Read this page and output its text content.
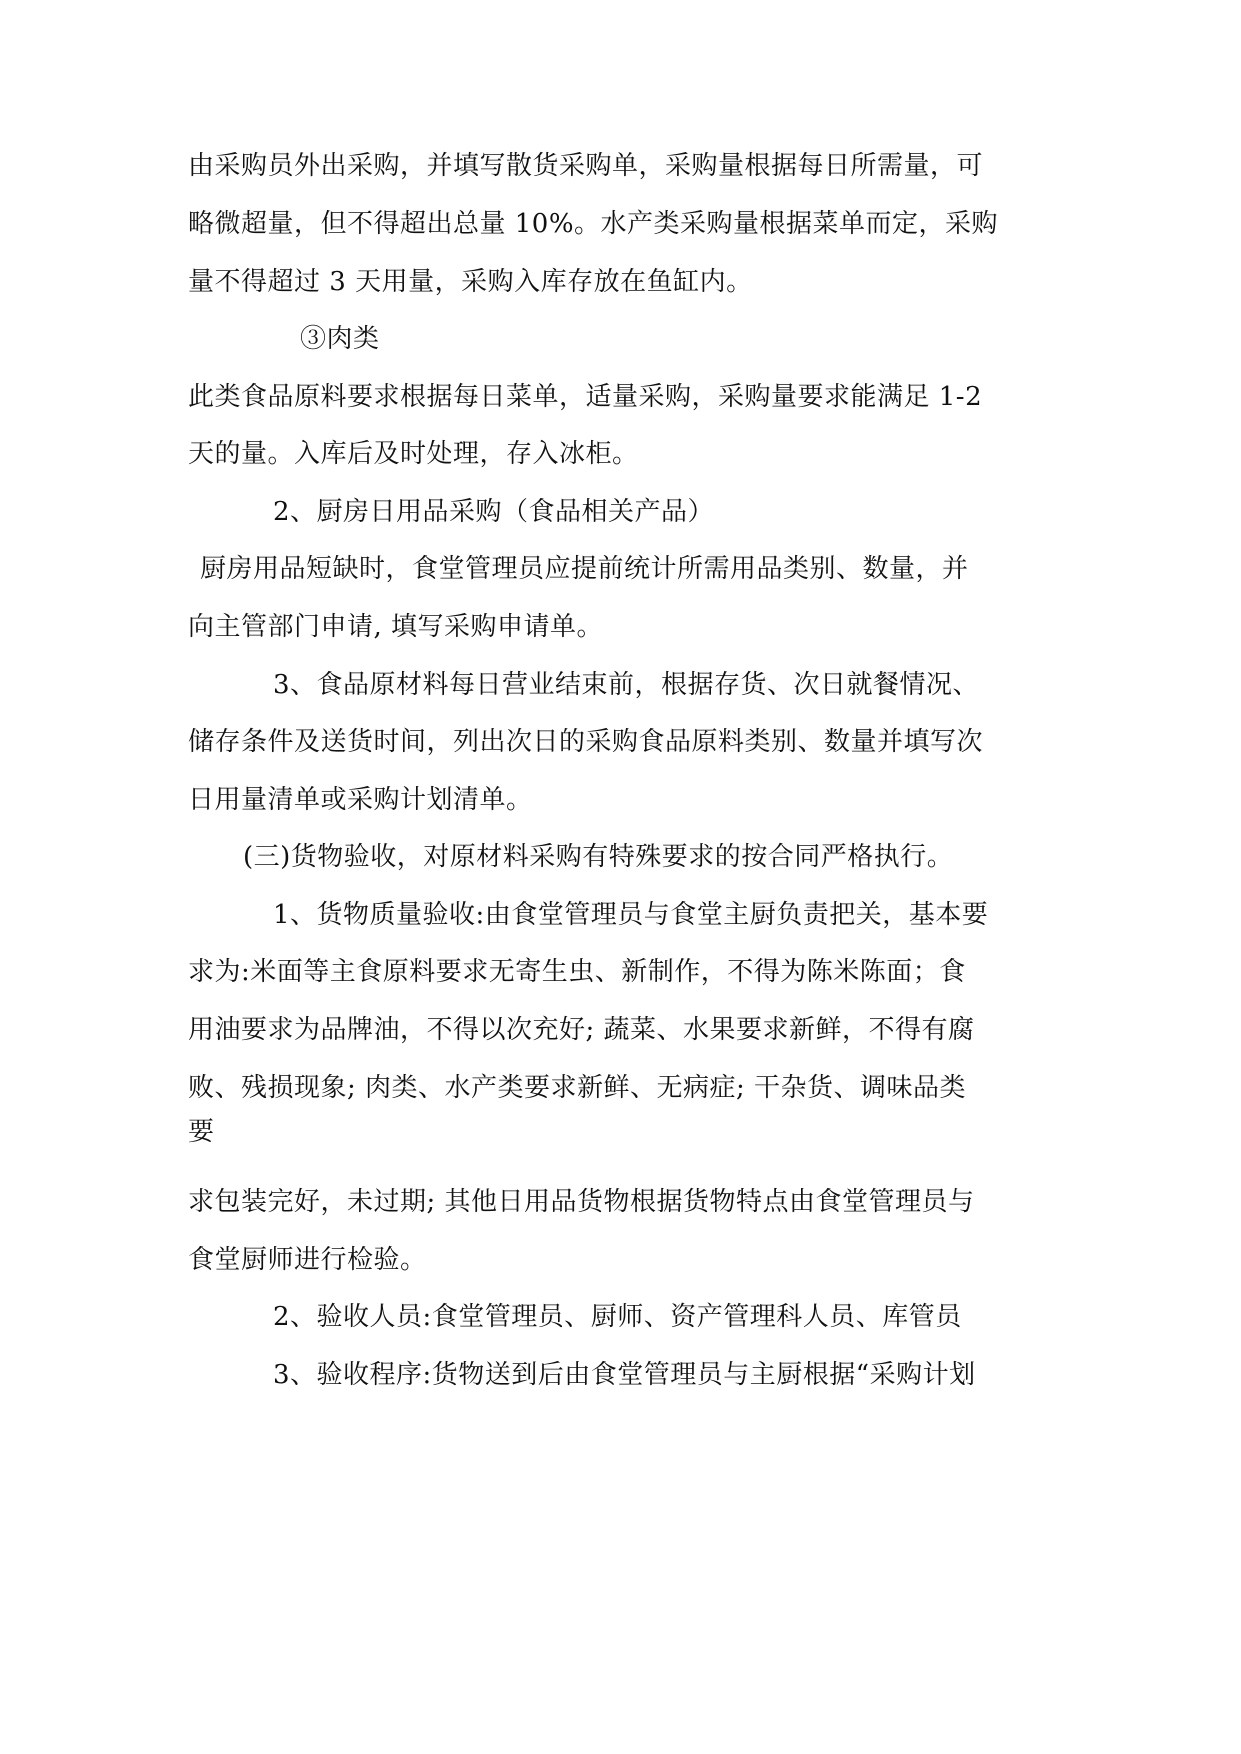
由采购员外出采购，并填写散货采购单，采购量根据每日所需量，可
略微超量，但不得超出总量 10%。水产类采购量根据菜单而定，采购
量不得超过 3 天用量，采购入库存放在鱼缸内。
③肉类
此类食品原料要求根据每日菜单，适量采购，采购量要求能满足 1-2
天的量。入库后及时处理，存入冰柜。
2、厨房日用品采购（食品相关产品）
厨房用品短缺时，食堂管理员应提前统计所需用品类别、数量，并
向主管部门申请, 填写采购申请单。
3、食品原材料每日营业结束前，根据存货、次日就餐情况、
储存条件及送货时间，列出次日的采购食品原料类别、数量并填写次
日用量清单或采购计划清单。
(三)货物验收，对原材料采购有特殊要求的按合同严格执行。
1、货物质量验收:由食堂管理员与食堂主厨负责把关，基本要
求为:米面等主食原料要求无寄生虫、新制作，不得为陈米陈面；食
用油要求为品牌油，不得以次充好; 蔬菜、水果要求新鲜，不得有腐
败、残损现象; 肉类、水产类要求新鲜、无病症; 干杂货、调味品类
要
求包装完好，未过期; 其他日用品货物根据货物特点由食堂管理员与
食堂厨师进行检验。
2、验收人员:食堂管理员、厨师、资产管理科人员、库管员
3、验收程序:货物送到后由食堂管理员与主厨根据“采购计划
